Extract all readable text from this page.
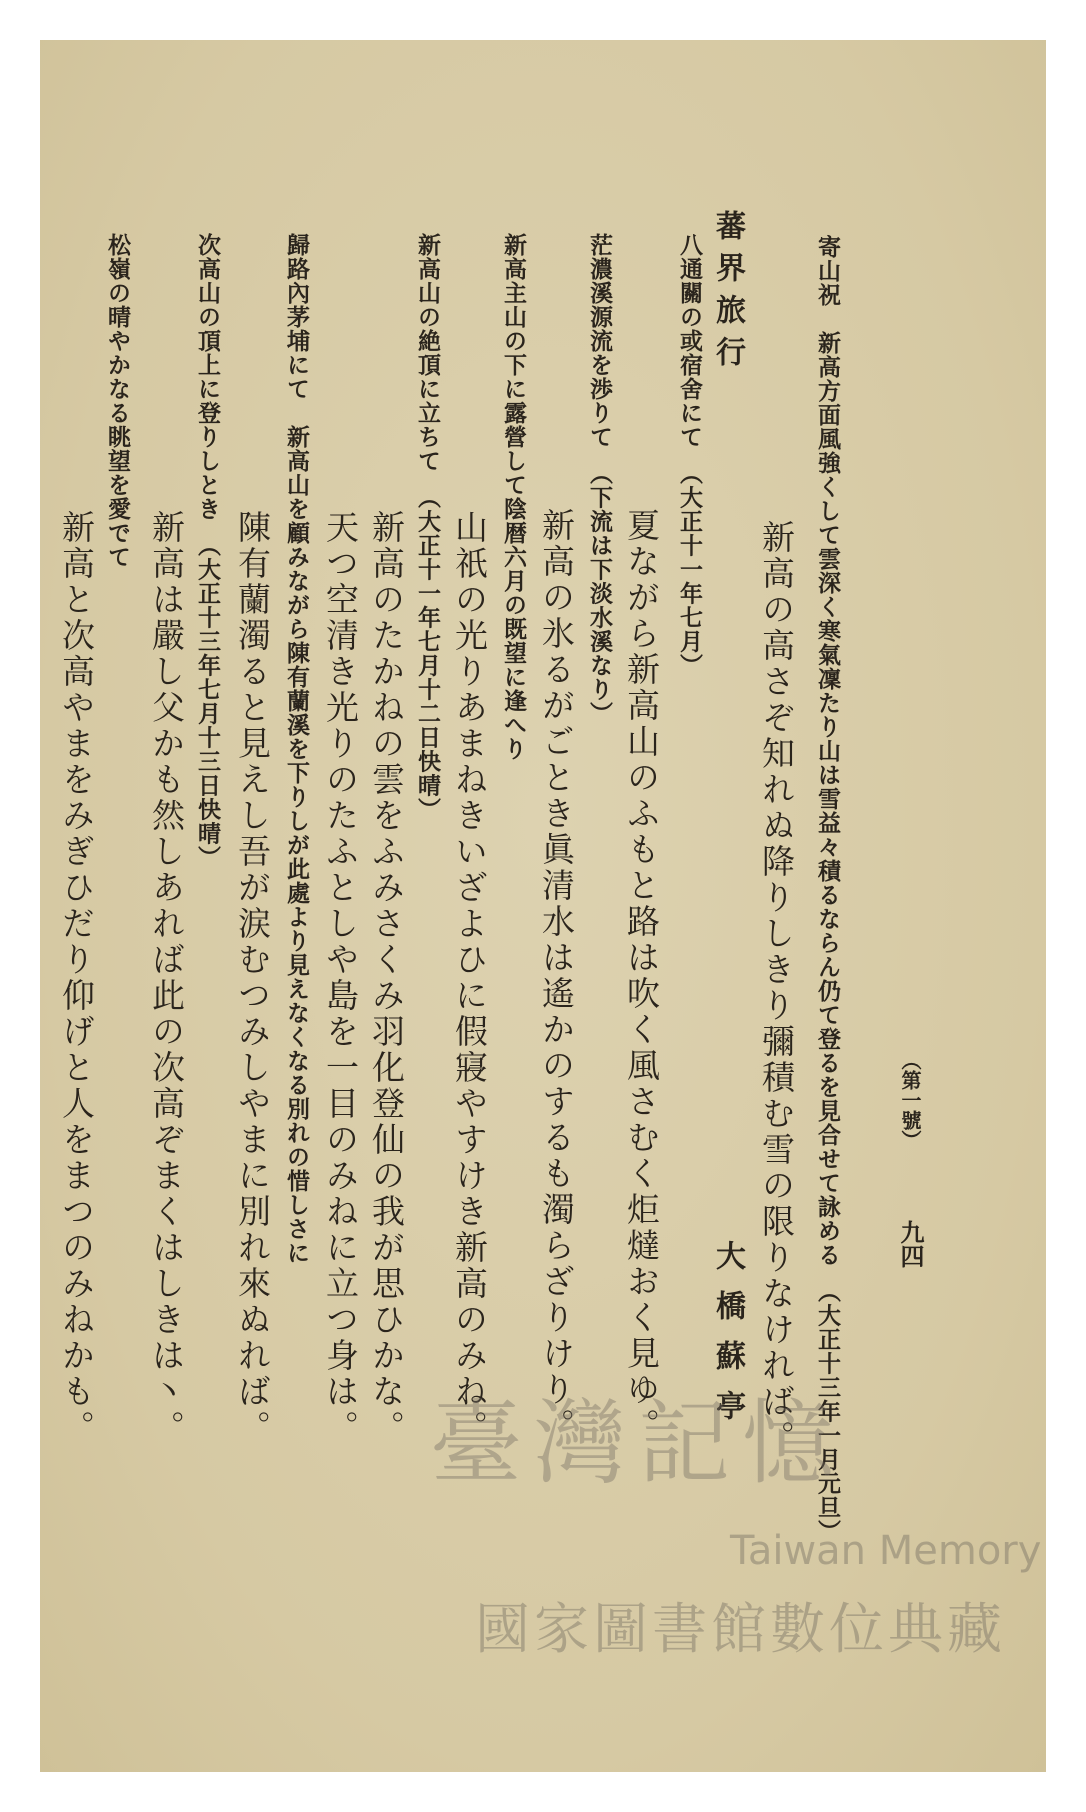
（第一號）
九四
寄山祝　新高方面風強くして雲深く寒氣凜たり山は雪益々積るならん仍て登るを見合せて詠める　（大正十三年一月元旦）
新高の高さぞ知れぬ降りしきり彌積む雪の限りなければ。
蕃界旅行
大橋蘇亭
八通關の或宿舍にて　（大正十一年七月）
夏ながら新高山のふもと路は吹く風さむく炬燵おく見ゆ。
茫濃溪源流を渉りて　（下流は下淡水溪なり）
新高の氷るがごとき眞清水は遙かのするも濁らざりけり。
新高主山の下に露營して陰暦六月の既望に逢へり
山祇の光りあまねきいざよひに假寢やすけき新高のみね。
新高山の絶頂に立ちて　（大正十一年七月十二日快晴）
新高のたかねの雲をふみさくみ羽化登仙の我が思ひかな。
天つ空清き光りのたふとしや島を一目のみねに立つ身は。
歸路內茅埔にて　新高山を顧みながら陳有蘭溪を下りしが此處より見えなくなる別れの惜しさに
陳有蘭濁ると見えし吾が涙むつみしやまに別れ來ぬれば。
次高山の頂上に登りしとき　（大正十三年七月十三日快晴）
新高は嚴し父かも然しあれば此の次高ぞまくはしきは丶。
松嶺の晴やかなる眺望を愛でて
新高と次高やまをみぎひだり仰げと人をまつのみねかも。	臺灣記憶
Taiwan Memory
國家圖書館數位典藏
